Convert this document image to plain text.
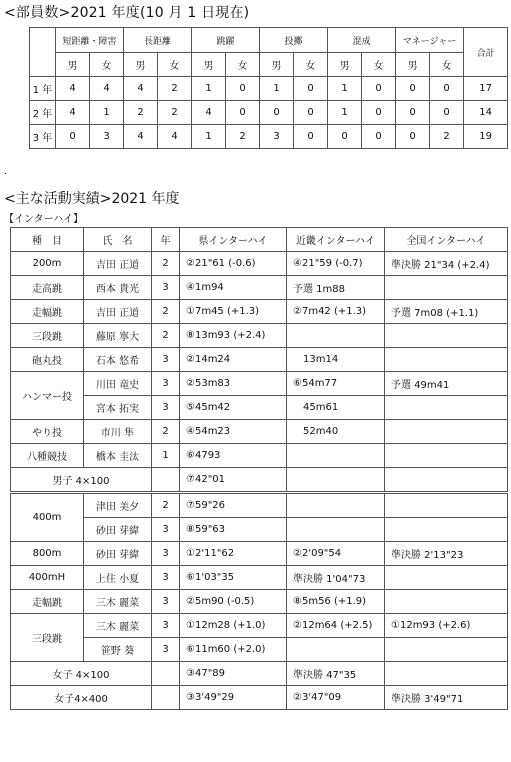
<部員数>2021 年度(10 月 1 日現在)
	短距離・障害		長距離		跳躍		投擲		混成		マネージャー		合計
	男	女	男	女	男	女	男	女	男	女	男	女	
1 年	4	4	4	2	1	0	1	0	1	0	0	0	17
2 年	4	1	2	2	4	0	0	0	1	0	0	0	14
3 年	0	3	4	4	1	2	3	0	0	0	0	2	19
.
<主な活動実績>2021 年度
【インターハイ】
種　目	氏　名	年	県インターハイ	近畿インターハイ	全国インターハイ
200m	吉田 正道	2	②21"61 (-0.6)	④21"59 (-0.7)	準決勝 21"34 (+2.4)
走高跳	西本 貴光	3	④1m94	予選 1m88	
走幅跳	吉田 正道	2	①7m45 (+1.3)	②7m42 (+1.3)	予選 7m08 (+1.1)
三段跳	藤原 寧大	2	⑧13m93 (+2.4)		
砲丸投	石本 悠希	3	②14m24	13m14	
ハンマー投	川田 竜史	3	②53m83	⑥54m77	予選 49m41
	宮本 拓実	3	⑤45m42	45m61	
やり投	市川 隼	2	④54m23	52m40	
八種競技	橋本 圭汰	1	⑥4793		
男子 4×100			⑦42"01		
400m	津田 美夕	2	⑦59"26		
	砂田 芽緯	3	⑧59"63		
800m	砂田 芽緯	3	①2'11"62	②2'09"54	準決勝 2'13"23
400mH	上住 小夏	3	⑥1'03"35	準決勝 1'04"73	
走幅跳	三木 麗菜	3	②5m90 (-0.5)	⑧5m56 (+1.9)	
三段跳	三木 麗菜	3	①12m28 (+1.0)	②12m64 (+2.5)	①12m93 (+2.6)
	笹野 葵	3	⑥11m60 (+2.0)		
女子 4×100			③47"89	準決勝 47"35	
女子4×400			③3'49"29	②3'47"09	準決勝 3'49"71
